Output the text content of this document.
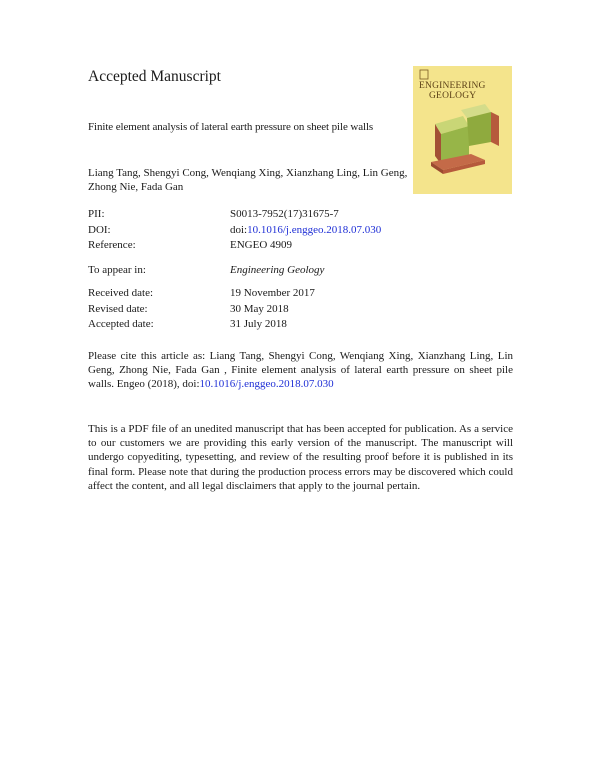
Accepted Manuscript
ENGINEERING
GEOLOGY
Finite element analysis of lateral earth pressure on sheet pile walls
Liang Tang, Shengyi Cong, Wenqiang Xing, Xianzhang Ling, Lin Geng, Zhong Nie, Fada Gan
PII:	S0013-7952(17)31675-7
DOI:	doi:10.1016/j.enggeo.2018.07.030
Reference:	ENGEO 4909
To appear in:	Engineering Geology
Received date:	19 November 2017
Revised date:	30 May 2018
Accepted date:	31 July 2018
Please cite this article as: Liang Tang, Shengyi Cong, Wenqiang Xing, Xianzhang Ling, Lin Geng, Zhong Nie, Fada Gan , Finite element analysis of lateral earth pressure on sheet pile walls. Engeo (2018), doi:10.1016/j.enggeo.2018.07.030
This is a PDF file of an unedited manuscript that has been accepted for publication. As a service to our customers we are providing this early version of the manuscript. The manuscript will undergo copyediting, typesetting, and review of the resulting proof before it is published in its final form. Please note that during the production process errors may be discovered which could affect the content, and all legal disclaimers that apply to the journal pertain.
